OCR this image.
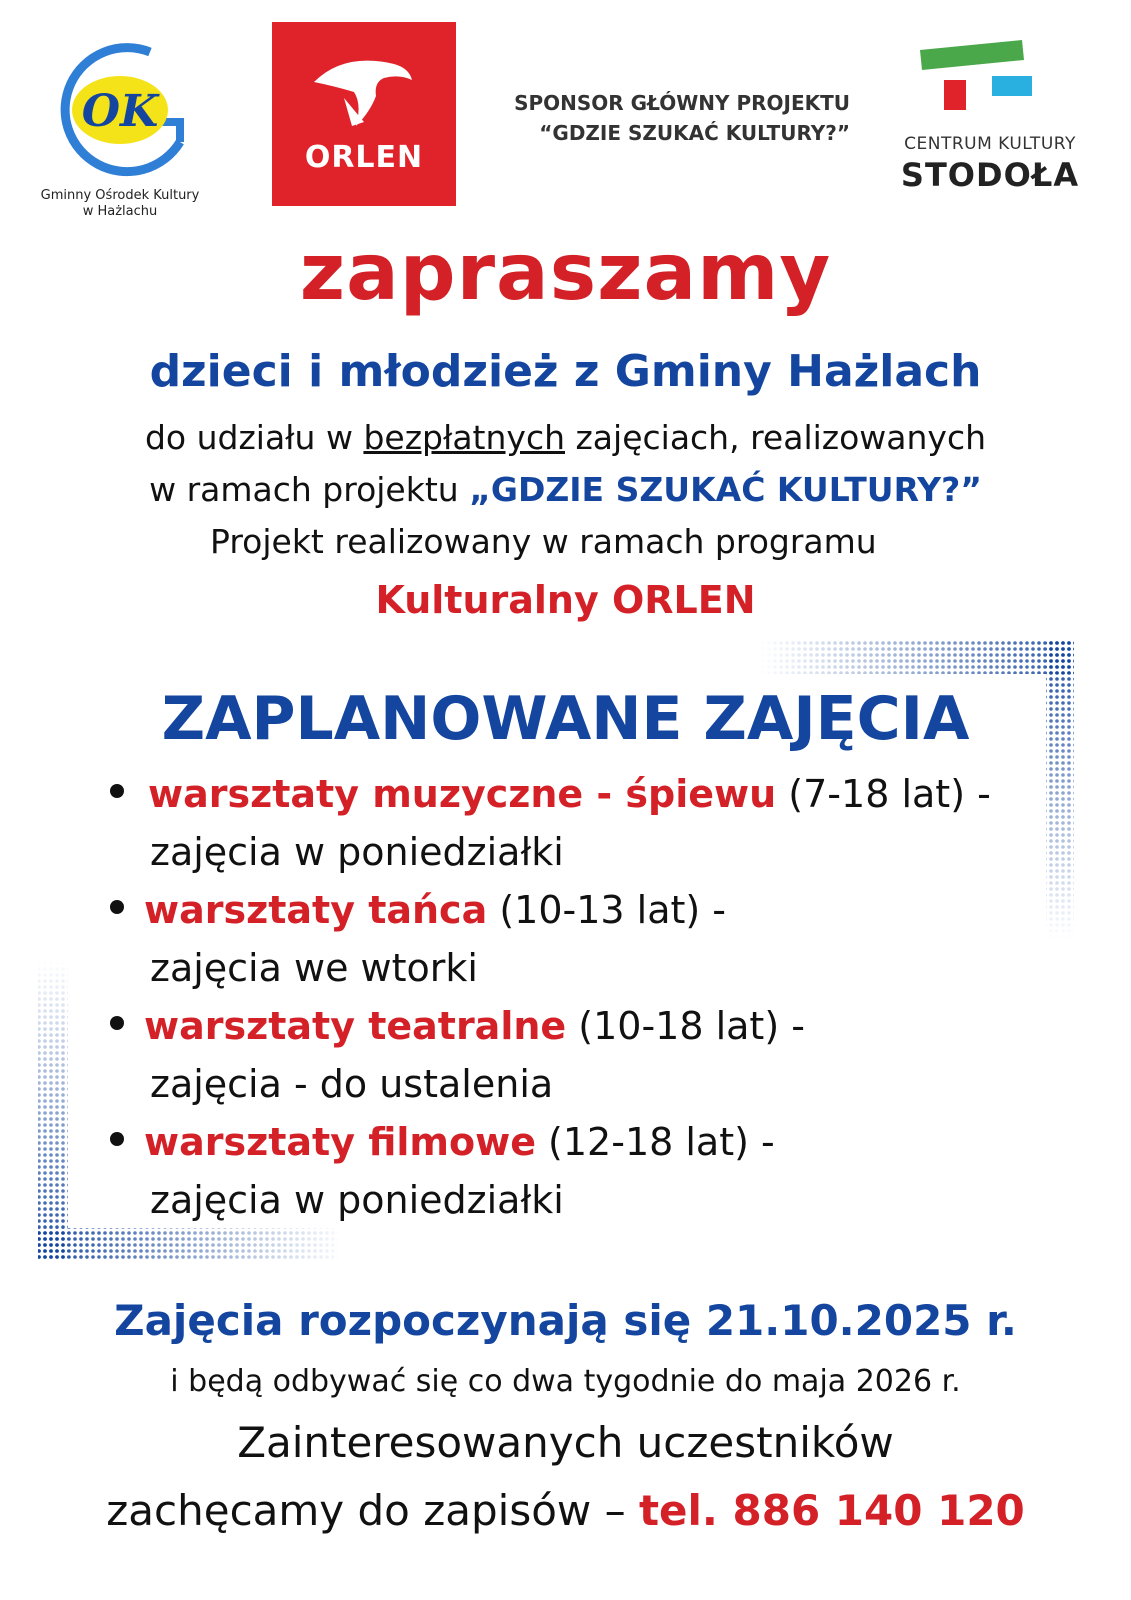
OK
Gminny Ośrodek Kultury
w Hażlachu
ORLEN
SPONSOR GŁÓWNY PROJEKTU
“GDZIE SZUKAĆ KULTURY?”	CENTRUM KULTURY
STODOŁA
zapraszamy
dzieci i młodzież z Gminy Hażlach
do udziału w bezpłatnych zajęciach, realizowanych
w ramach projektu „GDZIE SZUKAĆ KULTURY?”
Projekt realizowany w ramach programu
Kulturalny ORLEN
ZAPLANOWANE ZAJĘCIA
warsztaty muzyczne - śpiewu (7-18 lat) -
zajęcia w poniedziałki
warsztaty tańca (10-13 lat) -
zajęcia we wtorki
warsztaty teatralne (10-18 lat) -
zajęcia - do ustalenia
warsztaty filmowe (12-18 lat) -
zajęcia w poniedziałki
Zajęcia rozpoczynają się 21.10.2025 r.
i będą odbywać się co dwa tygodnie do maja 2026 r.
Zainteresowanych uczestników
zachęcamy do zapisów – tel. 886 140 120
